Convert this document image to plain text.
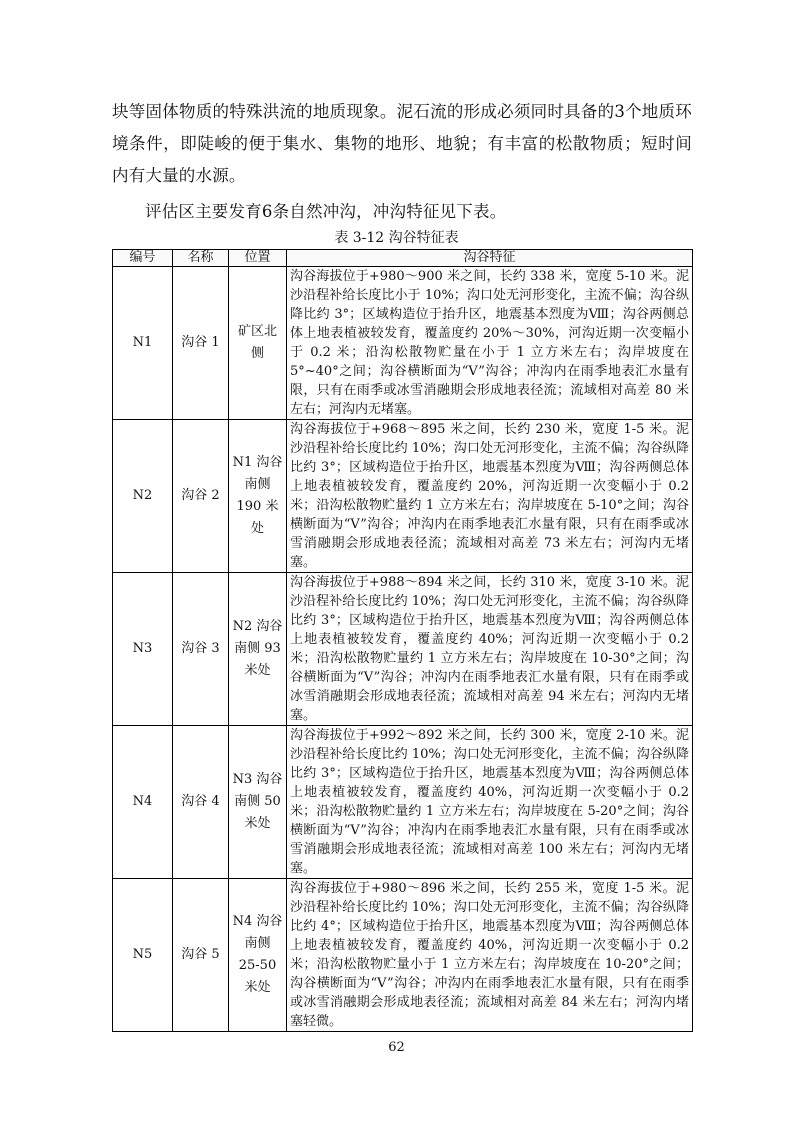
块等固体物质的特殊洪流的地质现象。泥石流的形成必须同时具备的3个地质环境条件，即陡峻的便于集水、集物的地形、地貌；有丰富的松散物质；短时间内有大量的水源。

评估区主要发育6条自然冲沟，冲沟特征见下表。

表 3-12 沟谷特征表
编号	名称	位置	沟谷特征
N1	沟谷 1	矿区北侧	沟谷海拔位于+980～900 米之间，长约 338 米，宽度 5-10 米。泥沙沿程补给长度比小于 10%；沟口处无河形变化，主流不偏；沟谷纵降比约 3°；区域构造位于抬升区，地震基本烈度为Ⅷ；沟谷两侧总体上地表植被较发育，覆盖度约 20%～30%，河沟近期一次变幅小于 0.2 米；沿沟松散物贮量在小于 1 立方米左右；沟岸坡度在 5°~40°之间；沟谷横断面为“V”沟谷；冲沟内在雨季地表汇水量有限，只有在雨季或冰雪消融期会形成地表径流；流域相对高差 80 米左右；河沟内无堵塞。
N2	沟谷 2	N1 沟谷南侧 190 米处	沟谷海拔位于+968～895 米之间，长约 230 米，宽度 1-5 米。泥沙沿程补给长度比约 10%；沟口处无河形变化，主流不偏；沟谷纵降比约 3°；区域构造位于抬升区，地震基本烈度为Ⅷ；沟谷两侧总体上地表植被较发育，覆盖度约 20%，河沟近期一次变幅小于 0.2 米；沿沟松散物贮量约 1 立方米左右；沟岸坡度在 5-10°之间；沟谷横断面为“V”沟谷；冲沟内在雨季地表汇水量有限，只有在雨季或冰雪消融期会形成地表径流；流域相对高差 73 米左右；河沟内无堵塞。
N3	沟谷 3	N2 沟谷南侧 93 米处	沟谷海拔位于+988～894 米之间，长约 310 米，宽度 3-10 米。泥沙沿程补给长度比约 10%；沟口处无河形变化，主流不偏；沟谷纵降比约 3°；区域构造位于抬升区，地震基本烈度为Ⅷ；沟谷两侧总体上地表植被较发育，覆盖度约 40%；河沟近期一次变幅小于 0.2 米；沿沟松散物贮量约 1 立方米左右；沟岸坡度在 10-30°之间；沟谷横断面为“V”沟谷；冲沟内在雨季地表汇水量有限，只有在雨季或冰雪消融期会形成地表径流；流域相对高差 94 米左右；河沟内无堵塞。
N4	沟谷 4	N3 沟谷南侧 50 米处	沟谷海拔位于+992～892 米之间，长约 300 米，宽度 2-10 米。泥沙沿程补给长度比约 10%；沟口处无河形变化，主流不偏；沟谷纵降比约 3°；区域构造位于抬升区，地震基本烈度为Ⅷ；沟谷两侧总体上地表植被较发育，覆盖度约 40%，河沟近期一次变幅小于 0.2 米；沿沟松散物贮量约 1 立方米左右；沟岸坡度在 5-20°之间；沟谷横断面为“V”沟谷；冲沟内在雨季地表汇水量有限，只有在雨季或冰雪消融期会形成地表径流；流域相对高差 100 米左右；河沟内无堵塞。
N5	沟谷 5	N4 沟谷南侧 25-50 米处	沟谷海拔位于+980～896 米之间，长约 255 米，宽度 1-5 米。泥沙沿程补给长度比约 10%；沟口处无河形变化，主流不偏；沟谷纵降比约 4°；区域构造位于抬升区，地震基本烈度为Ⅷ；沟谷两侧总体上地表植被较发育，覆盖度约 40%，河沟近期一次变幅小于 0.2 米；沿沟松散物贮量小于 1 立方米左右；沟岸坡度在 10-20°之间；沟谷横断面为“V”沟谷；冲沟内在雨季地表汇水量有限，只有在雨季或冰雪消融期会形成地表径流；流域相对高差 84 米左右；河沟内堵塞轻微。
62
